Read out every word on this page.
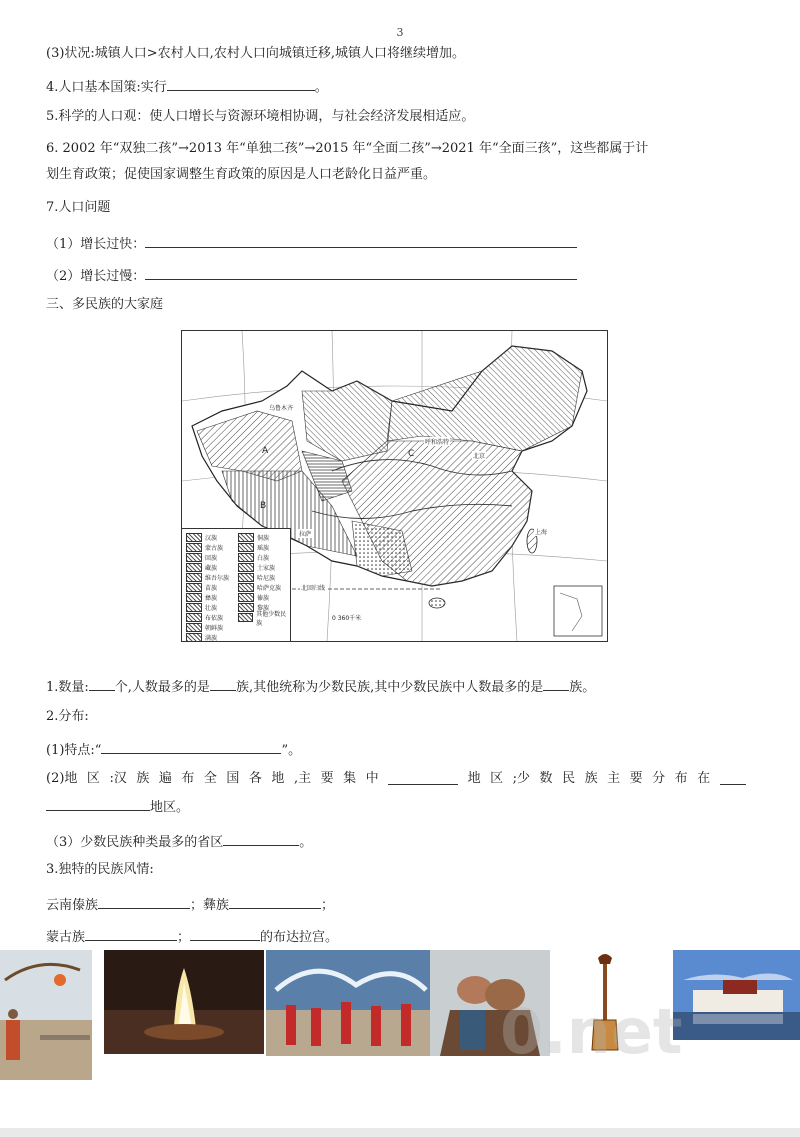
3
(3)状况:城镇人口>农村人口,农村人口向城镇迁移,城镇人口将继续增加。
4.人口基本国策:实行	。
5.科学的人口观：使人口增长与资源环境相协调，与社会经济发展相适应。
6. 2002 年“双独二孩”→2013 年“单独二孩”→2015 年“全面二孩”→2021 年“全面三孩”，这些都属于计
划生育政策；促使国家调整生育政策的原因是人口老龄化日益严重。
7.人口问题
（1）增长过快：
（2）增长过慢：
三、多民族的大家庭
A
B
C
乌鲁木齐
拉萨
呼和浩特
北京
上海
北回归线
0 360千米
汉族
蒙古族
回族
藏族
维吾尔族
苗族
彝族
壮族
布依族
朝鲜族
满族
侗族
瑶族
白族
土家族
哈尼族
哈萨克族
傣族
黎族
其他少数民族
1.数量: 个,人数最多的是 族,其他统称为少数民族,其中少数民族中人数最多的是 族。
2.分布:
(1)特点:“	”。
(2)地 区 :汉 族 遍 布 全 国 各 地 ,主 要 集 中	地 区 ;少 数 民 族 主 要 分 布 在
地区。
（3）少数民族种类最多的省区	。
3.独特的民族风情:
云南傣族	；彝族	；
蒙古族	；	的布达拉宫。
0.net
